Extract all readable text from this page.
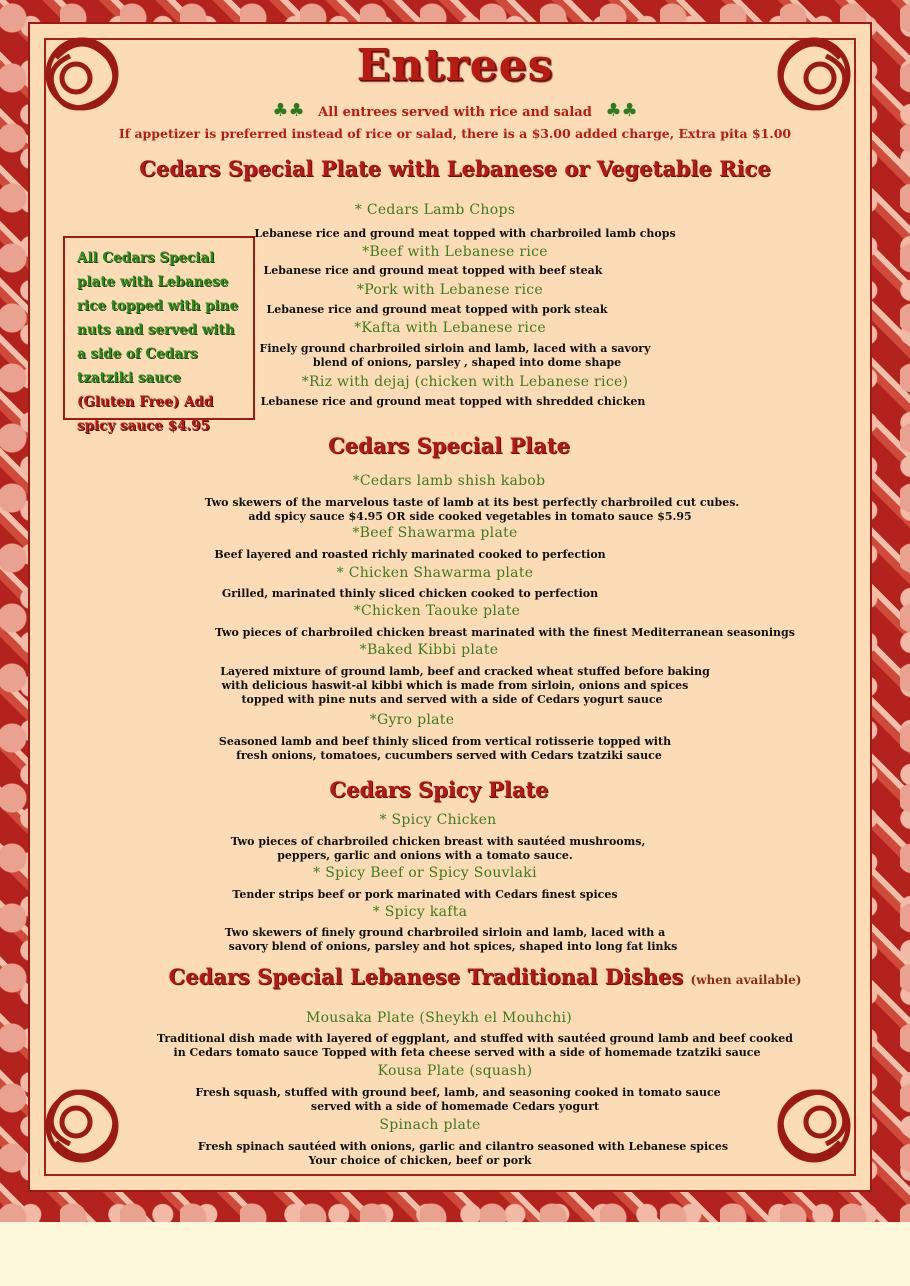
Entrees
♣♣ All entrees served with rice and salad ♣♣
If appetizer is preferred instead of rice or salad, there is a $3.00 added charge, Extra pita $1.00
Cedars Special Plate with Lebanese or Vegetable Rice
* Cedars Lamb Chops
Lebanese rice and ground meat topped with charbroiled lamb chops
*Beef with Lebanese rice
Lebanese rice and ground meat topped with beef steak
*Pork with Lebanese rice
Lebanese rice and ground meat topped with pork steak
*Kafta with Lebanese rice
Finely ground charbroiled sirloin and lamb, laced with a savory
blend of onions, parsley , shaped into dome shape
*Riz with dejaj (chicken with Lebanese rice)
Lebanese rice and ground meat topped with shredded chicken
All Cedars Special plate with Lebanese rice topped with pine nuts and served with a side of Cedars tzatziki sauce (Gluten Free) Add spicy sauce $4.95
Cedars Special Plate
*Cedars lamb shish kabob
Two skewers of the marvelous taste of lamb at its best perfectly charbroiled cut cubes.
add spicy sauce $4.95 OR side cooked vegetables in tomato sauce $5.95
*Beef Shawarma plate
Beef layered and roasted richly marinated cooked to perfection
* Chicken Shawarma plate
Grilled, marinated thinly sliced chicken cooked to perfection
*Chicken Taouke plate
Two pieces of charbroiled chicken breast marinated with the finest Mediterranean seasonings
*Baked Kibbi plate
Layered mixture of ground lamb, beef and cracked wheat stuffed before baking
with delicious haswit-al kibbi which is made from sirloin, onions and spices
topped with pine nuts and served with a side of Cedars yogurt sauce
*Gyro plate
Seasoned lamb and beef thinly sliced from vertical rotisserie topped with
fresh onions, tomatoes, cucumbers served with Cedars tzatziki sauce
Cedars Spicy Plate
* Spicy Chicken
Two pieces of charbroiled chicken breast with sautéed mushrooms,
peppers, garlic and onions with a tomato sauce.
* Spicy Beef or Spicy Souvlaki
Tender strips beef or pork marinated with Cedars finest spices
* Spicy kafta
Two skewers of finely ground charbroiled sirloin and lamb, laced with a
savory blend of onions, parsley and hot spices, shaped into long fat links
Cedars Special Lebanese Traditional Dishes (when available)
Mousaka Plate (Sheykh el Mouhchi)
Traditional dish made with layered of eggplant, and stuffed with sautéed ground lamb and beef cooked
in Cedars tomato sauce Topped with feta cheese served with a side of homemade tzatziki sauce
Kousa Plate (squash)
Fresh squash, stuffed with ground beef, lamb, and seasoning cooked in tomato sauce
served with a side of homemade Cedars yogurt
Spinach plate
Fresh spinach sautéed with onions, garlic and cilantro seasoned with Lebanese spices
Your choice of chicken, beef or pork
